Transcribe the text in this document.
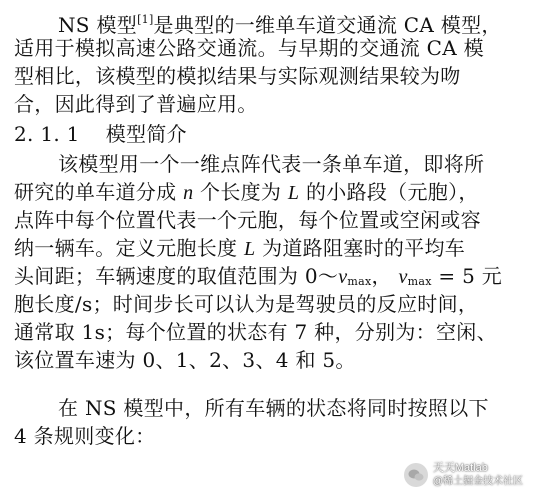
NS 模型[1]是典型的一维单车道交通流 CA 模型，
适用于模拟高速公路交通流。与早期的交通流 CA 模
型相比，该模型的模拟结果与实际观测结果较为吻
合，因此得到了普遍应用。
2. 1. 1 模型简介
该模型用一个一维点阵代表一条单车道，即将所
研究的单车道分成 n 个长度为 L 的小路段（元胞），
点阵中每个位置代表一个元胞，每个位置或空闲或容
纳一辆车。定义元胞长度 L 为道路阻塞时的平均车
头间距；车辆速度的取值范围为 $0\sim v_{max}$， $v_{max} = 5$ 元
胞长度/s；时间步长可以认为是驾驶员的反应时间，
通常取 1s；每个位置的状态有 7 种，分别为：空闲、
该位置车速为 0、1、2、3、4 和 5。
在 NS 模型中，所有车辆的状态将同时按照以下
4 条规则变化：
天天Matlab
@稀土掘金技术社区
